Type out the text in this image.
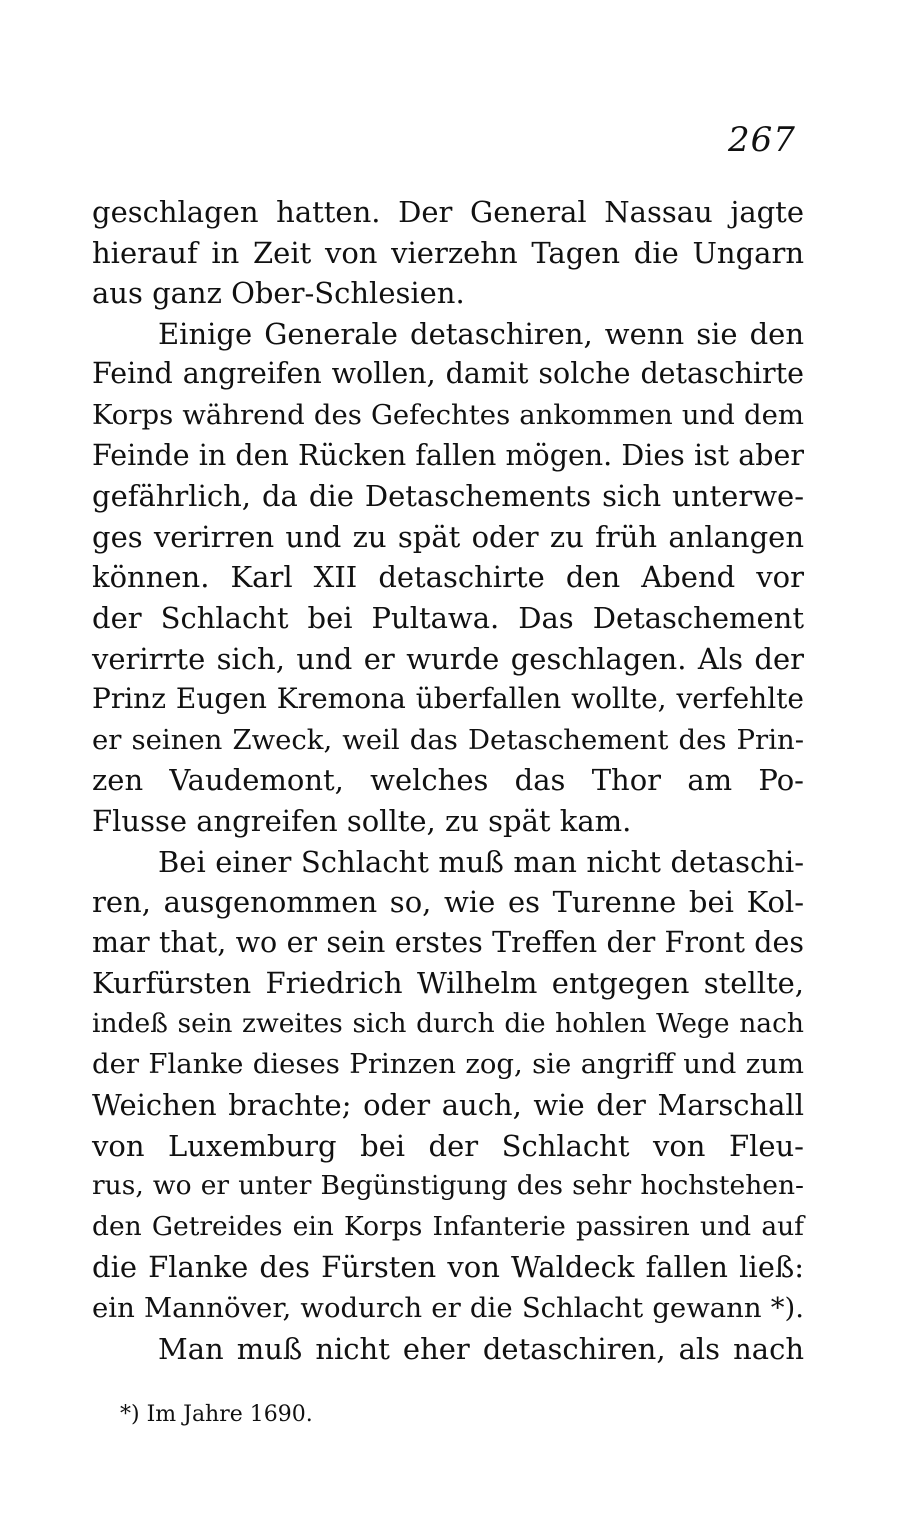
267
geschlagen hatten. Der General Nassau jagte
hierauf in Zeit von vierzehn Tagen die Ungarn
aus ganz Ober-Schlesien.
Einige Generale detaschiren, wenn sie den
Feind angreifen wollen, damit solche detaschirte
Korps während des Gefechtes ankommen und dem
Feinde in den Rücken fallen mögen. Dies ist aber
gefährlich, da die Detaschements sich unterwe-
ges verirren und zu spät oder zu früh anlangen
können. Karl XII detaschirte den Abend vor
der Schlacht bei Pultawa. Das Detaschement
verirrte sich, und er wurde geschlagen. Als der
Prinz Eugen Kremona überfallen wollte, verfehlte
er seinen Zweck, weil das Detaschement des Prin-
zen Vaudemont, welches das Thor am Po-
Flusse angreifen sollte, zu spät kam.
Bei einer Schlacht muß man nicht detaschi-
ren, ausgenommen so, wie es Turenne bei Kol-
mar that, wo er sein erstes Treffen der Front des
Kurfürsten Friedrich Wilhelm entgegen stellte,
indeß sein zweites sich durch die hohlen Wege nach
der Flanke dieses Prinzen zog, sie angriff und zum
Weichen brachte; oder auch, wie der Marschall
von Luxemburg bei der Schlacht von Fleu-
rus, wo er unter Begünstigung des sehr hochstehen-
den Getreides ein Korps Infanterie passiren und auf
die Flanke des Fürsten von Waldeck fallen ließ:
ein Mannöver, wodurch er die Schlacht gewann *).
Man muß nicht eher detaschiren, als nach
*) Im Jahre 1690.
